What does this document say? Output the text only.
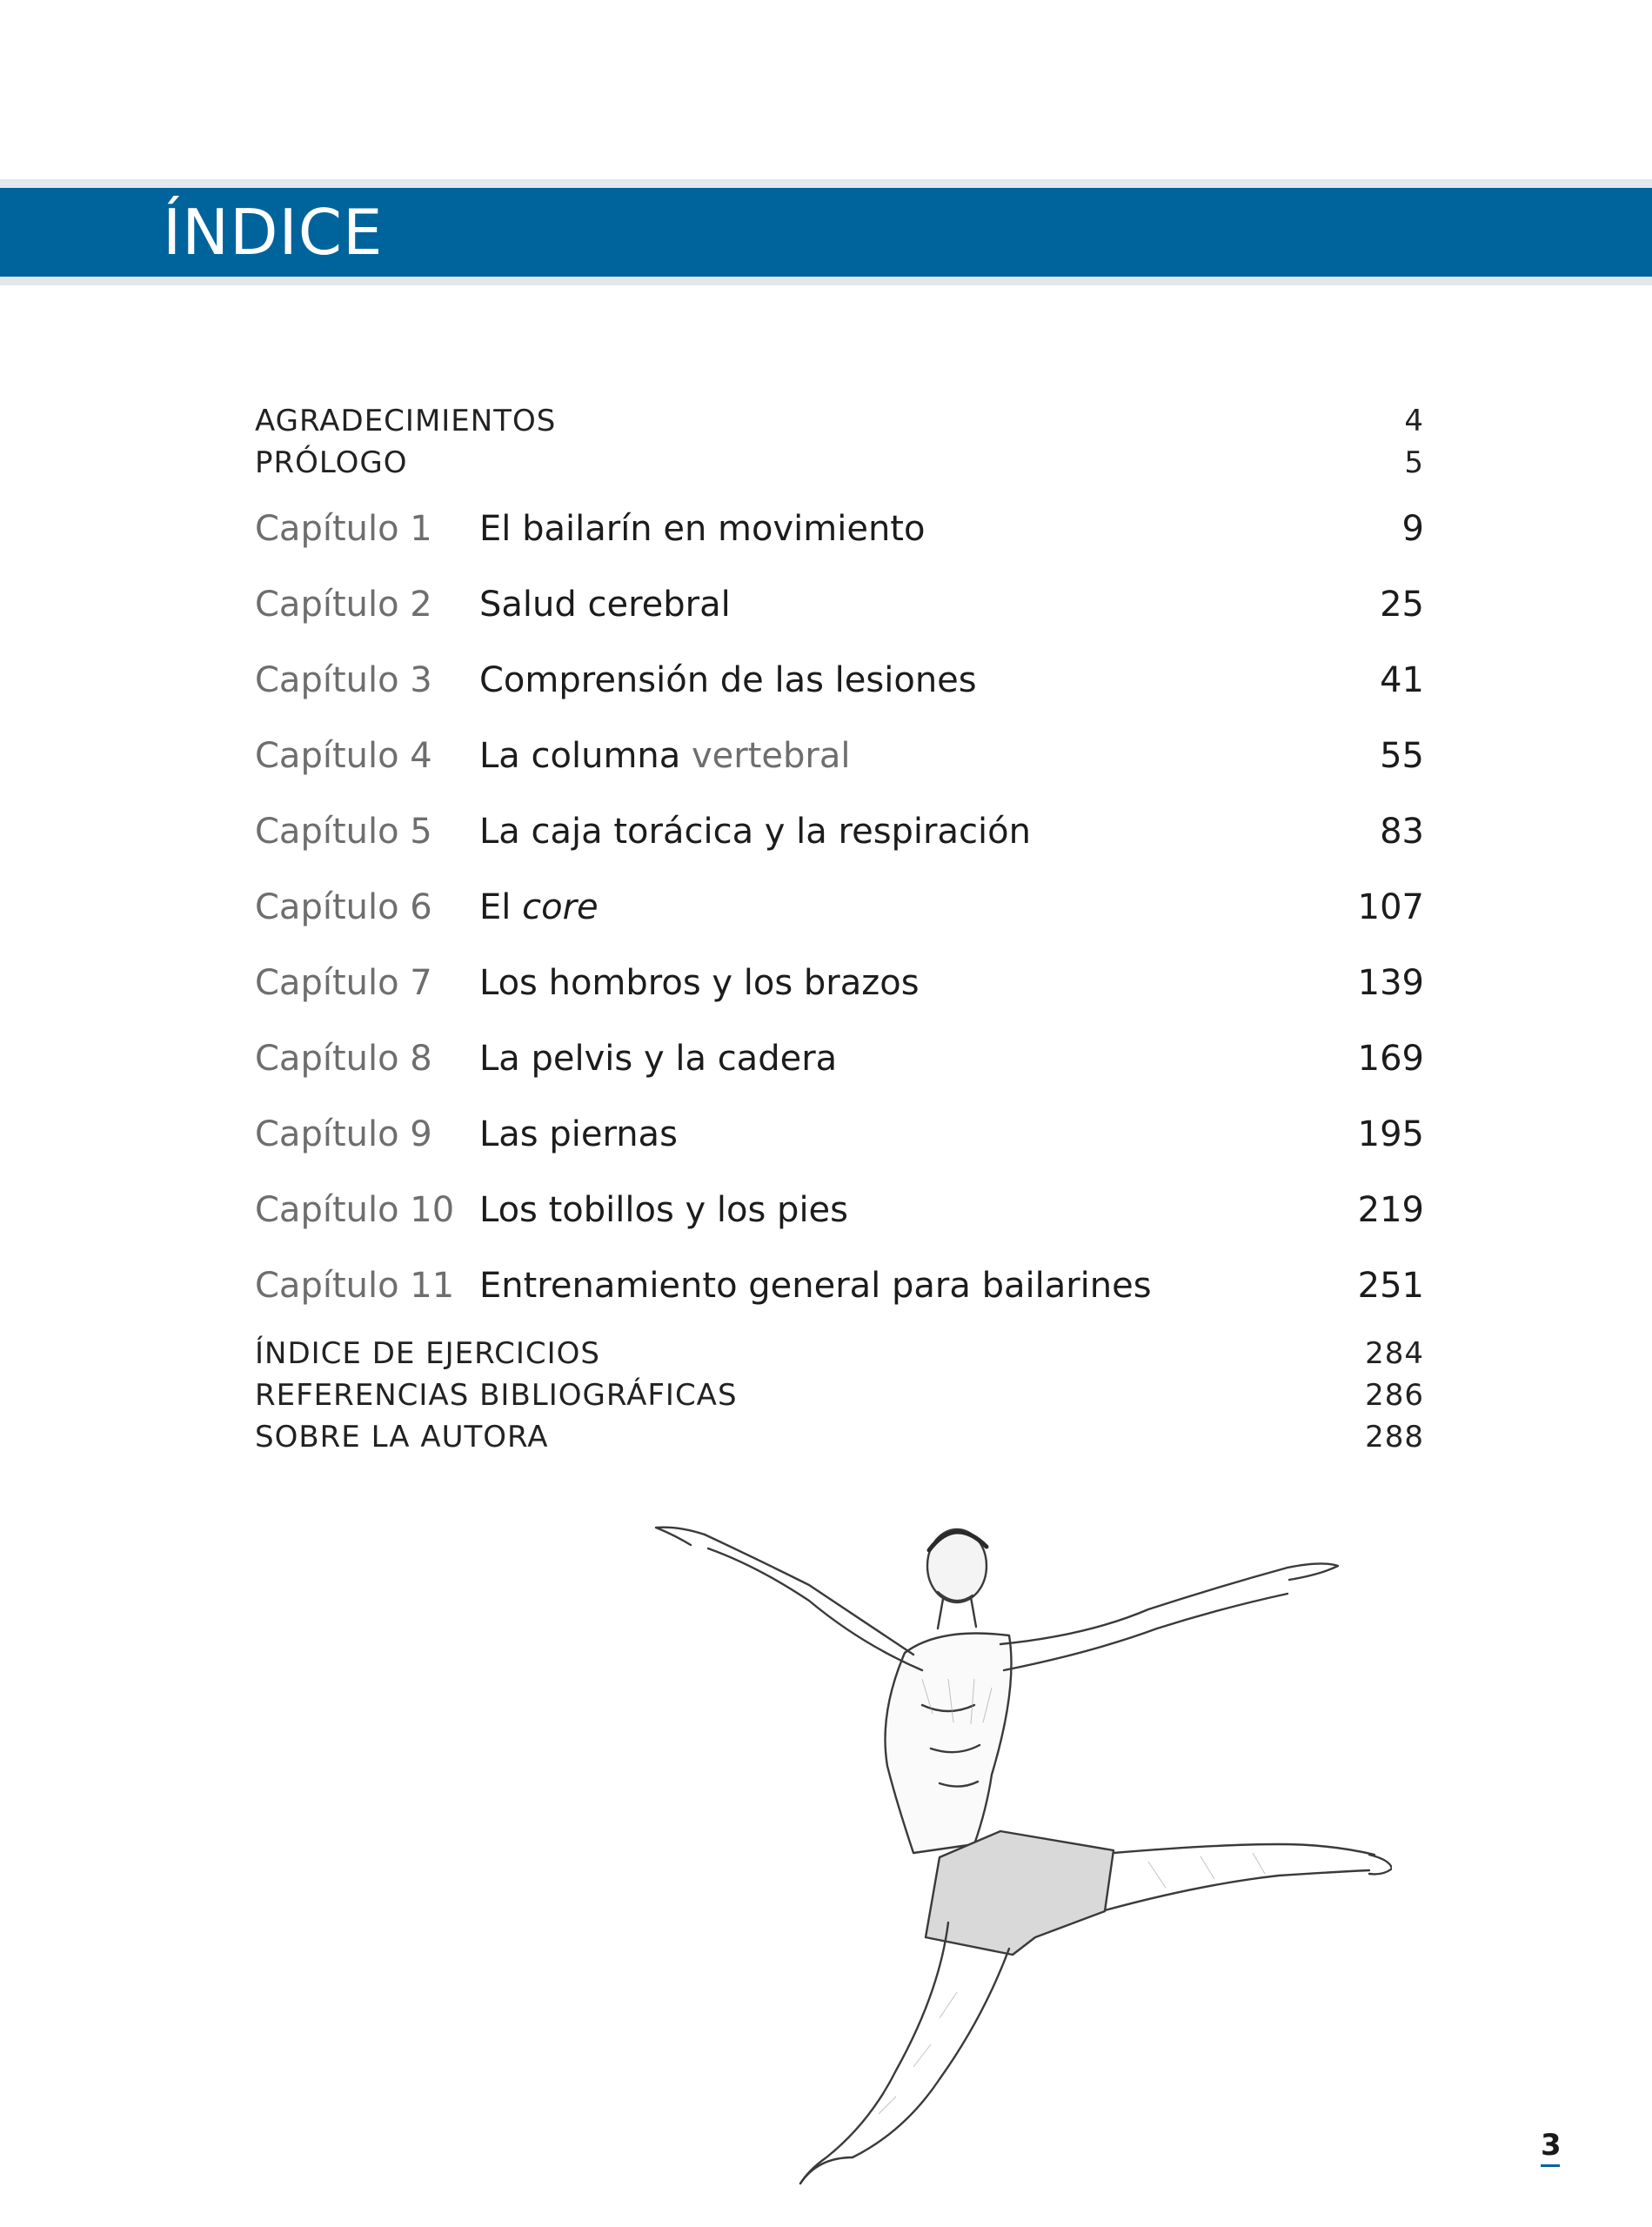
ÍNDICE
AGRADECIMIENTOS	4
PRÓLOGO	5
Capítulo 1	El bailarín en movimiento	9
Capítulo 2	Salud cerebral	25
Capítulo 3	Comprensión de las lesiones	41
Capítulo 4	La columna vertebral	55
Capítulo 5	La caja torácica y la respiración	83
Capítulo 6	El core	107
Capítulo 7	Los hombros y los brazos	139
Capítulo 8	La pelvis y la cadera	169
Capítulo 9	Las piernas	195
Capítulo 10 Los tobillos y los pies	219
Capítulo 11 Entrenamiento general para bailarines	251
ÍNDICE DE EJERCICIOS	284
REFERENCIAS BIBLIOGRÁFICAS	286
SOBRE LA AUTORA	288
3
